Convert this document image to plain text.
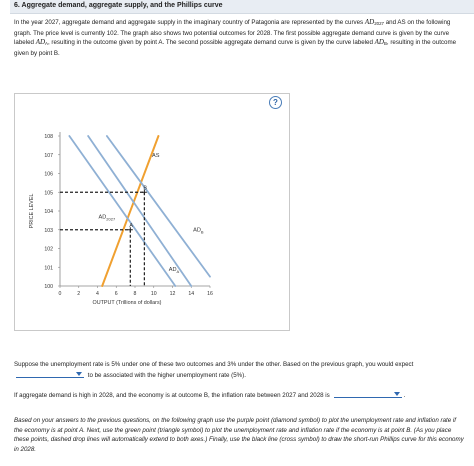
6. Aggregate demand, aggregate supply, and the Phillips curve

In the year 2027, aggregate demand and aggregate supply in the imaginary country of Patagonia are represented by the curves $AD_{2027}$ and AS on the following graph. The price level is currently 102. The graph also shows two potential outcomes for 2028. The first possible aggregate demand curve is given by the curve labeled $AD_A$, resulting in the outcome given by point A. The second possible aggregate demand curve is given by the curve labeled $AD_B$, resulting in the outcome given by point B.

108
107
106
105
104
103
102
101
100
0	2	4	6	8	10 12 14 16
PRICE LEVEL
OUTPUT (Trillions of dollars)
AS
$AD_{2027}$
$AD_B$
$AD_A$
A
B
?

Suppose the unemployment rate is 5% under one of these two outcomes and 3% under the other. Based on the previous graph, you would expect
to be associated with the higher unemployment rate (5%).

If aggregate demand is high in 2028, and the economy is at outcome B, the inflation rate between 2027 and 2028 is	.

Based on your answers to the previous questions, on the following graph use the purple point (diamond symbol) to plot the unemployment rate and inflation rate if the economy is at point A. Next, use the green point (triangle symbol) to plot the unemployment rate and inflation rate if the economy is at point B. (As you place these points, dashed drop lines will automatically extend to both axes.) Finally, use the black line (cross symbol) to draw the short-run Phillips curve for this economy in 2028.
